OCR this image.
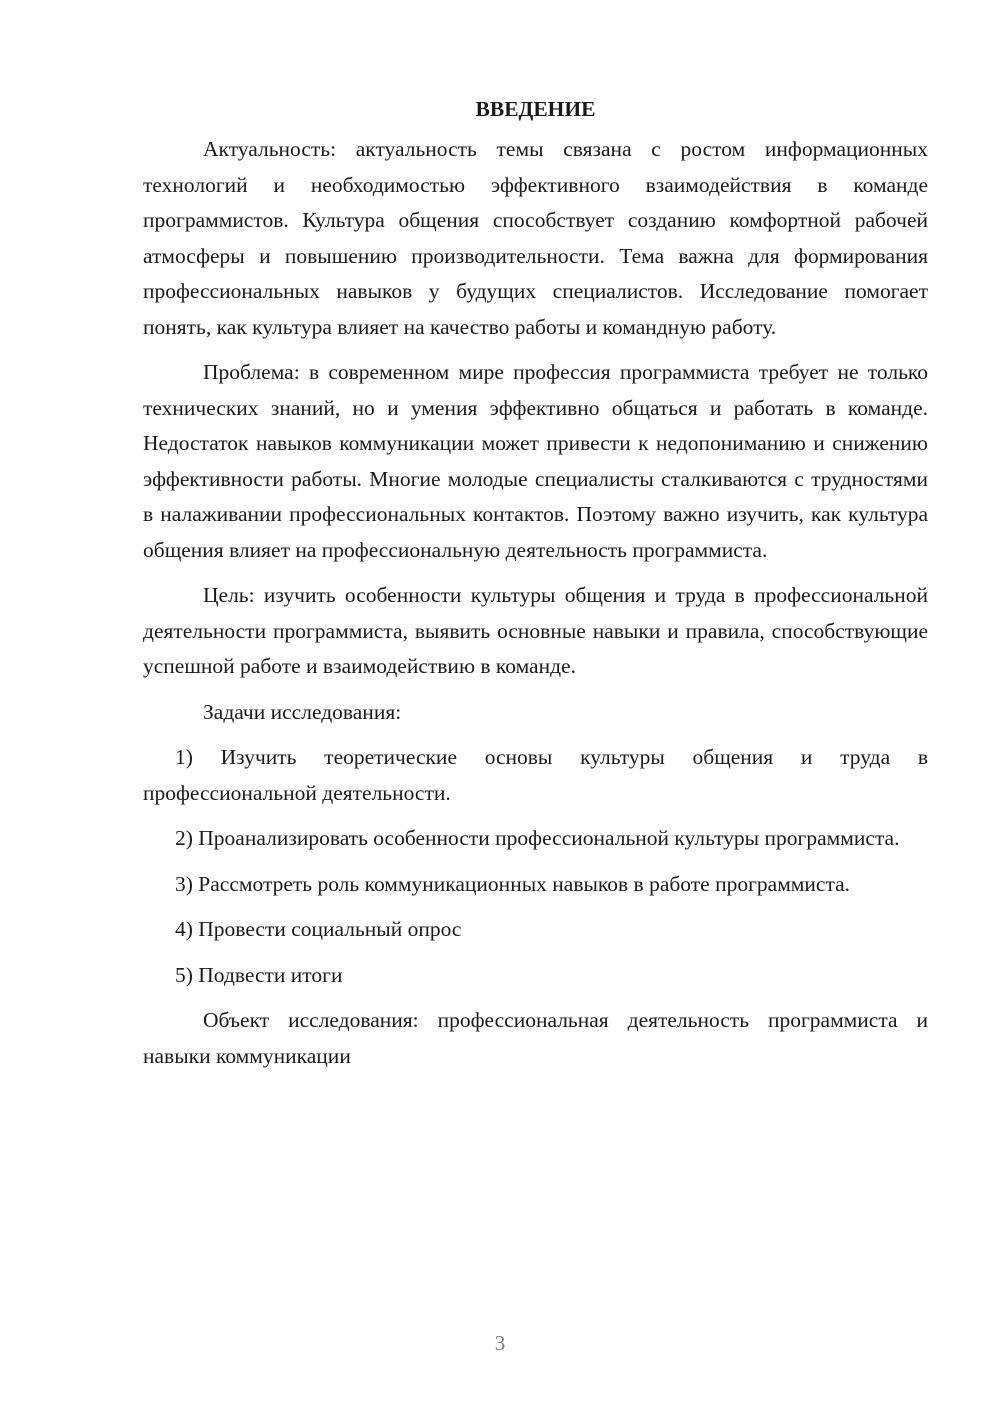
ВВЕДЕНИЕ

Актуальность: актуальность темы связана с ростом информационных технологий и необходимостью эффективного взаимодействия в команде программистов. Культура общения способствует созданию комфортной рабочей атмосферы и повышению производительности. Тема важна для формирования профессиональных навыков у будущих специалистов. Исследование помогает понять, как культура влияет на качество работы и командную работу.

Проблема: в современном мире профессия программиста требует не только технических знаний, но и умения эффективно общаться и работать в команде. Недостаток навыков коммуникации может привести к недопониманию и снижению эффективности работы. Многие молодые специалисты сталкиваются с трудностями в налаживании профессиональных контактов. Поэтому важно изучить, как культура общения влияет на профессиональную деятельность программиста.

Цель: изучить особенности культуры общения и труда в профессиональной деятельности программиста, выявить основные навыки и правила, способствующие успешной работе и взаимодействию в команде.

Задачи исследования:

1) Изучить теоретические основы культуры общения и труда в профессиональной деятельности.

2) Проанализировать особенности профессиональной культуры программиста.

3) Рассмотреть роль коммуникационных навыков в работе программиста.

4) Провести социальный опрос

5) Подвести итоги

Объект исследования: профессиональная деятельность программиста и навыки коммуникации

3
